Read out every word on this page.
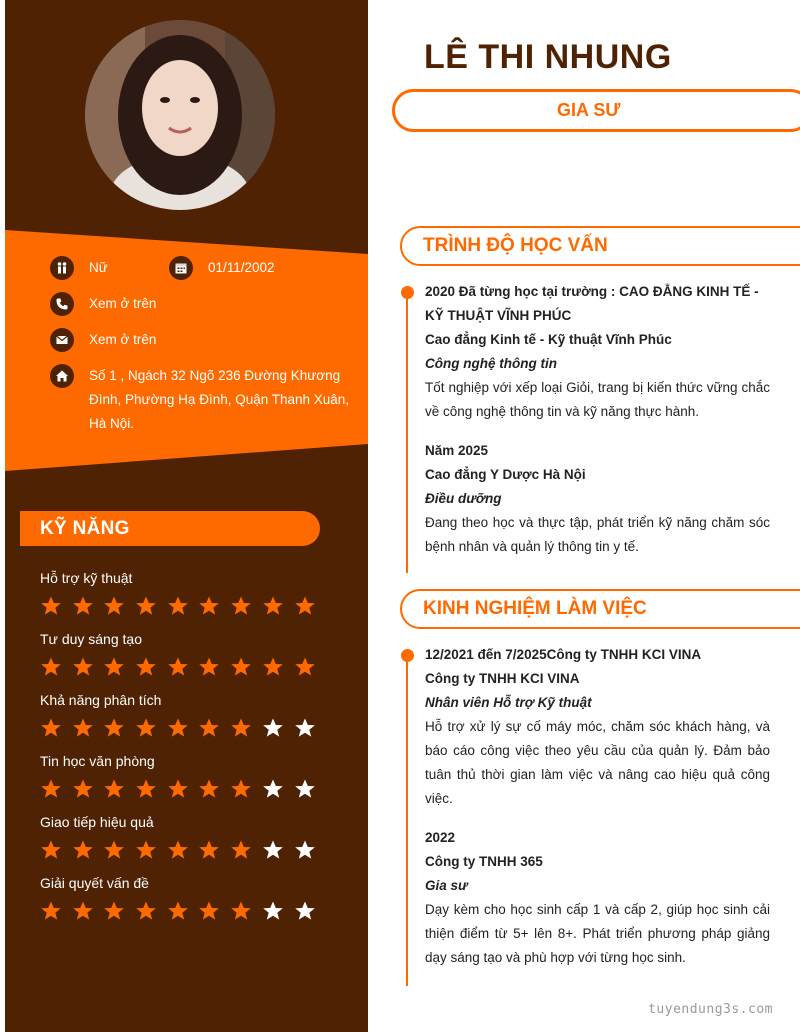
Nữ	01/11/2002
Xem ở trên
Xem ở trên
Số 1 , Ngách 32 Ngõ 236 Đường Khương Đình, Phường Hạ Đình, Quận Thanh Xuân, Hà Nội.
KỸ NĂNG
Hỗ trợ kỹ thuật
Tư duy sáng tạo
Khả năng phân tích
Tin học văn phòng
Giao tiếp hiệu quả
Giải quyết vấn đề
LÊ THI NHUNG
GIA SƯ
TRÌNH ĐỘ HỌC VẤN
2020 Đã từng học tại trường : CAO ĐẲNG KINH TẾ - KỸ THUẬT VĨNH PHÚC
Cao đẳng Kinh tế - Kỹ thuật Vĩnh Phúc
Công nghệ thông tin
Tốt nghiệp với xếp loại Giỏi, trang bị kiến thức vững chắc về công nghệ thông tin và kỹ năng thực hành.
Năm 2025
Cao đẳng Y Dược Hà Nội
Điều dưỡng
Đang theo học và thực tập, phát triển kỹ năng chăm sóc bệnh nhân và quản lý thông tin y tế.
KINH NGHIỆM LÀM VIỆC
12/2021 đến 7/2025Công ty TNHH KCI VINA
Công ty TNHH KCI VINA
Nhân viên Hỗ trợ Kỹ thuật
Hỗ trợ xử lý sự cố máy móc, chăm sóc khách hàng, và báo cáo công việc theo yêu cầu của quản lý. Đảm bảo tuân thủ thời gian làm việc và nâng cao hiệu quả công việc.
2022
Công ty TNHH 365
Gia sư
Dạy kèm cho học sinh cấp 1 và cấp 2, giúp học sinh cải thiện điểm từ 5+ lên 8+. Phát triển phương pháp giảng dạy sáng tạo và phù hợp với từng học sinh.
tuyendung3s.com
